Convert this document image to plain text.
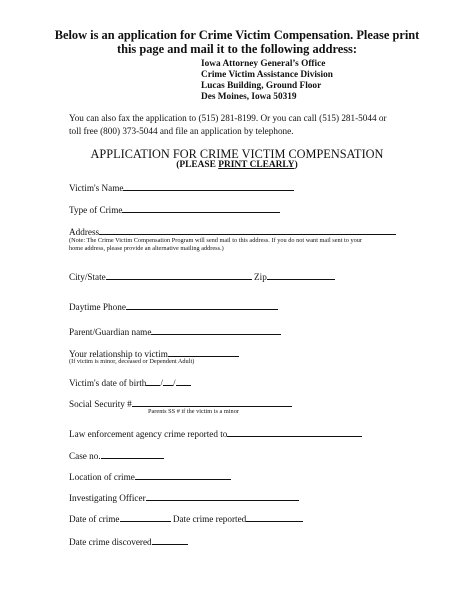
Below is an application for Crime Victim Compensation. Please print
this page and mail it to the following address:
Iowa Attorney General’s Office
Crime Victim Assistance Division
Lucas Building, Ground Floor
Des Moines, Iowa 50319
You can also fax the application to (515) 281-8199. Or you can call (515) 281-5044 or
toll free (800) 373-5044 and file an application by telephone.
APPLICATION FOR CRIME VICTIM COMPENSATION
(PLEASE PRINT CLEARLY)
Victim's Name
Type of Crime
Address
(Note: The Crime Victim Compensation Program will send mail to this address. If you do not want mail sent to your
home address, please provide an alternative mailing address.)
City/State	Zip
Daytime Phone
Parent/Guardian name
Your relationship to victim
(If victim is minor, deceased or Dependent Adult)
Victim's date of birth / /
Social Security #
Parents SS # if the victim is a minor
Law enforcement agency crime reported to
Case no.
Location of crime
Investigating Officer
Date of crime	Date crime reported
Date crime discovered
